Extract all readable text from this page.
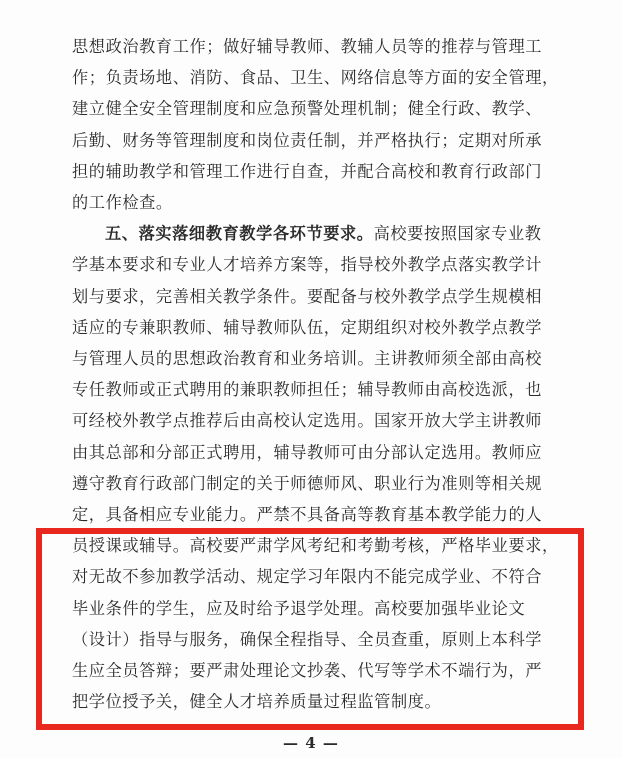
思想政治教育工作；做好辅导教师、教辅人员等的推荐与管理工
作；负责场地、消防、食品、卫生、网络信息等方面的安全管理，
建立健全安全管理制度和应急预警处理机制；健全行政、教学、
后勤、财务等管理制度和岗位责任制，并严格执行；定期对所承
担的辅助教学和管理工作进行自查，并配合高校和教育行政部门
的工作检查。
五、落实落细教育教学各环节要求。高校要按照国家专业教
学基本要求和专业人才培养方案等，指导校外教学点落实教学计
划与要求，完善相关教学条件。要配备与校外教学点学生规模相
适应的专兼职教师、辅导教师队伍，定期组织对校外教学点教学
与管理人员的思想政治教育和业务培训。主讲教师须全部由高校
专任教师或正式聘用的兼职教师担任；辅导教师由高校选派，也
可经校外教学点推荐后由高校认定选用。国家开放大学主讲教师
由其总部和分部正式聘用，辅导教师可由分部认定选用。教师应
遵守教育行政部门制定的关于师德师风、职业行为准则等相关规
定，具备相应专业能力。严禁不具备高等教育基本教学能力的人
员授课或辅导。高校要严肃学风考纪和考勤考核，严格毕业要求，
对无故不参加教学活动、规定学习年限内不能完成学业、不符合
毕业条件的学生，应及时给予退学处理。高校要加强毕业论文
（设计）指导与服务，确保全程指导、全员查重，原则上本科学
生应全员答辩；要严肃处理论文抄袭、代写等学术不端行为，严
把学位授予关，健全人才培养质量过程监管制度。
— 4 —
